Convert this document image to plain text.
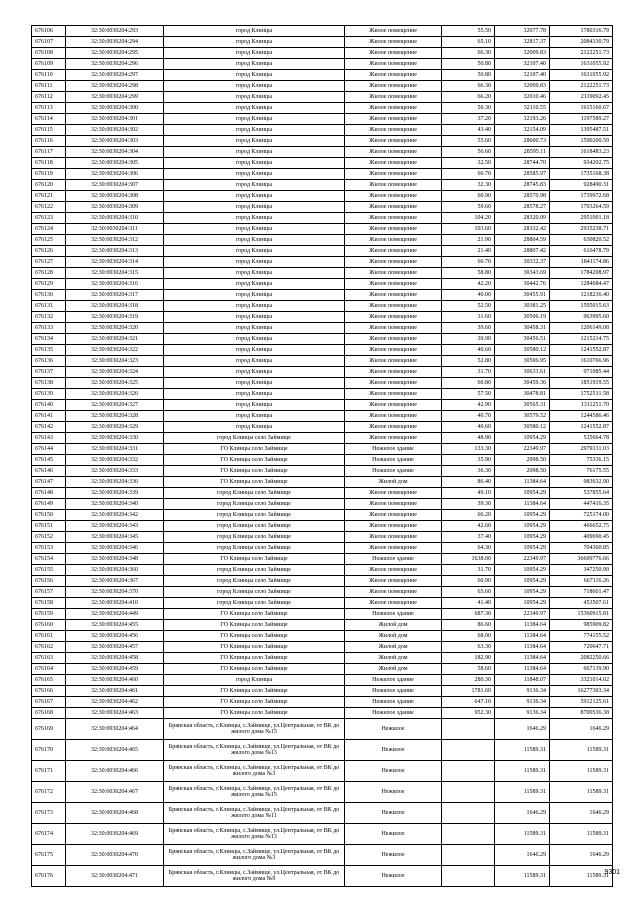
676106	32:30:0030204:293	город Клинцы	Жилое помещение	55.50	32077.78	1780316.79
676107	32:30:0030204:294	город Клинцы	Жилое помещение	65.10	32817.37	2084330.79
676108	32:30:0030204:295	город Клинцы	Жилое помещение	66.30	32009.83	2122251.73
676109	32:30:0030204:296	город Клинцы	Жилое помещение	50.80	32107.40	1631055.92
676110	32:30:0030204:297	город Клинцы	Жилое помещение	50.80	32107.40	1631055.92
676111	32:30:0030204:298	город Клинцы	Жилое помещение	66.30	32009.83	2122251.73
676112	32:30:0030204:299	город Клинцы	Жилое помещение	66.20	32010.46	2119092.45
676113	32:30:0030204:300	город Клинцы	Жилое помещение	50.30	32110.55	1615160.67
676114	32:30:0030204:301	город Клинцы	Жилое помещение	37.20	32193.26	1197589.27
676115	32:30:0030204:302	город Клинцы	Жилое помещение	43.40	32154.09	1395487.51
676116	32:30:0030204:303	город Клинцы	Жилое помещение	55.60	28600.73	1590200.59
676117	32:30:0030204:304	город Клинцы	Жилое помещение	56.60	28595.11	1618483.23
676118	32:30:0030204:305	город Клинцы	Жилое помещение	32.50	28744.70	934202.75
676119	32:30:0030204:306	город Клинцы	Жилое помещение	60.70	28585.97	1735168.38
676120	32:30:0030204:307	город Клинцы	Жилое помещение	32.30	28745.83	928490.31
676121	32:30:0030204:308	город Клинцы	Жилое помещение	60.90	28570.98	1739972.68
676122	32:30:0030204:309	город Клинцы	Жилое помещение	59.60	28578.27	1703264.59
676123	32:30:0030204:310	город Клинцы	Жилое помещение	104.20	28320.09	2951001.18
676124	32:30:0030204:311	город Клинцы	Жилое помещение	103.60	28332.42	2935238.71
676125	32:30:0030204:312	город Клинцы	Жилое помещение	21.90	28804.59	630820.52
676126	32:30:0030204:313	город Клинцы	Жилое помещение	21.40	28807.42	616478.79
676127	32:30:0030204:314	город Клинцы	Жилое помещение	60.70	30332.37	1841174.86
676128	32:30:0030204:315	город Клинцы	Жилое помещение	58.80	30343.69	1784208.97
676129	32:30:0030204:316	город Клинцы	Жилое помещение	42.20	30442.76	1284684.47
676130	32:30:0030204:317	город Клинцы	Жилое помещение	40.00	30455.91	1218236.40
676131	32:30:0030204:318	город Клинцы	Жилое помещение	52.50	30381.25	1595015.63
676132	32:30:0030204:319	город Клинцы	Жилое помещение	31.60	30506.19	963995.60
676133	32:30:0030204:320	город Клинцы	Жилое помещение	39.60	30458.31	1206149.08
676134	32:30:0030204:321	город Клинцы	Жилое помещение	39.90	30456.51	1215214.75
676135	32:30:0030204:322	город Клинцы	Жилое помещение	40.60	30580.12	1241552.87
676136	32:30:0030204:323	город Клинцы	Жилое помещение	52.80	30506.95	1610766.96
676137	32:30:0030204:324	город Клинцы	Жилое помещение	31.70	30633.61	971085.44
676138	32:30:0030204:325	город Клинцы	Жилое помещение	60.80	30459.36	1851919.55
676139	32:30:0030204:326	город Клинцы	Жилое помещение	57.50	30478.81	1752531.58
676140	32:30:0030204:327	город Клинцы	Жилое помещение	42.90	30565.31	1311251.70
676141	32:30:0030204:328	город Клинцы	Жилое помещение	40.70	30579.52	1244586.46
676142	32:30:0030204:329	город Клинцы	Жилое помещение	40.60	30580.12	1241552.87
676143	32:30:0030204:330	город Клинцы село Займище	Жилое помещение	48.90	10954.29	535664.78
676144	32:30:0030204:331	ГО Клинцы село Займище	Нежилое здание	133.30	22349.97	2979131.03
676145	32:30:0030204:332	ГО Клинцы село Займище	Нежилое здание	35.90	2098.50	75336.15
676146	32:30:0030204:333	ГО Клинцы село Займище	Нежилое здание	36.30	2098.50	76175.55
676147	32:30:0030204:336	ГО Клинцы село Займище	Жилой дом	86.40	11384.64	983632.90
676148	32:30:0030204:339	город Клинцы село Займище	Жилое помещение	49.10	10954.29	537855.64
676149	32:30:0030204:340	город Клинцы село Займище	Жилое помещение	39.30	11384.64	447416.35
676150	32:30:0030204:342	город Клинцы село Займище	Жилое помещение	66.20	10954.29	725174.00
676151	32:30:0030204:343	город Клинцы село Займище	Жилое помещение	42.60	10954.29	466652.75
676152	32:30:0030204:345	город Клинцы село Займище	Жилое помещение	37.40	10954.29	409690.45
676153	32:30:0030204:346	город Клинцы село Займище	Жилое помещение	64.30	10954.29	704360.85
676154	32:30:0030204:348	ГО Клинцы село Займище	Нежилое здание	1638.00	22349.97	36609776.66
676155	32:30:0030204:360	город Клинцы село Займище	Жилое помещение	31.70	10954.29	347250.99
676156	32:30:0030204:367	город Клинцы село Займище	Жилое помещение	60.90	10954.29	667116.26
676157	32:30:0030204:370	город Клинцы село Займище	Жилое помещение	65.60	10954.29	718601.47
676158	32:30:0030204:410	город Клинцы село Займище	Жилое помещение	41.40	10954.29	453507.61
676159	32:30:0030204:449	ГО Клинцы село Займище	Нежилое здание	687.30	22349.97	15360915.81
676160	32:30:0030204:455	ГО Клинцы село Займище	Жилой дом	86.60	11384.64	985909.82
676161	32:30:0030204:456	ГО Клинцы село Займище	Жилой дом	68.00	11384.64	774155.52
676162	32:30:0030204:457	ГО Клинцы село Займище	Жилой дом	63.30	11384.64	720647.71
676163	32:30:0030204:458	ГО Клинцы село Займище	Жилой дом	182.90	11384.64	2082250.66
676164	32:30:0030204:459	ГО Клинцы село Займище	Жилой дом	58.60	11384.64	667139.90
676165	32:30:0030204:460	город Клинцы	Нежилое здание	280.30	11848.07	3321014.02
676166	32:30:0030204:461	ГО Клинцы село Займище	Нежилое здание	1781.60	9136.34	16277303.34
676167	32:30:0030204:462	ГО Клинцы село Займище	Нежилое здание	647.10	9136.34	5912125.61
676168	32:30:0030204:463	ГО Клинцы село Займище	Нежилое здание	952.30	9136.34	8700536.38
676169	32:30:0030204:464	Брянская область, г.Клинцы, с.Займище, ул.Центральная, от ВК до жилого дома №15	Нежилое		1646.29	1646.29
676170	32:30:0030204:465	Брянская область, г.Клинцы, с.Займище, ул.Центральная, от ВК до жилого дома №13	Нежилое		11589.31	11589.31
676171	32:30:0030204:466	Брянская область, г.Клинцы, с.Займище, ул.Центральная, от ВК до жилого дома №3	Нежилое		11589.31	11589.31
676172	32:30:0030204:467	Брянская область, г.Клинцы, с.Займище, ул.Центральная, от ВК до жилого дома №15	Нежилое		11589.31	11589.31
676173	32:30:0030204:468	Брянская область, г.Клинцы, с.Займище, ул.Центральная, от ВК до жилого дома №11	Нежилое		1646.29	1646.29
676174	32:30:0030204:469	Брянская область, г.Клинцы, с.Займище, ул.Центральная, от ВК до жилого дома №13	Нежилое		11589.31	11589.31
676175	32:30:0030204:470	Брянская область, г.Клинцы, с.Займище, ул.Центральная, от ВК до жилого дома №3	Нежилое		1646.29	1646.29
676176	32:30:0030204:471	Брянская область, г.Клинцы, с.Займище, ул.Центральная, от ВК до жилого дома №9	Нежилое		11589.31	11589.31
9301
